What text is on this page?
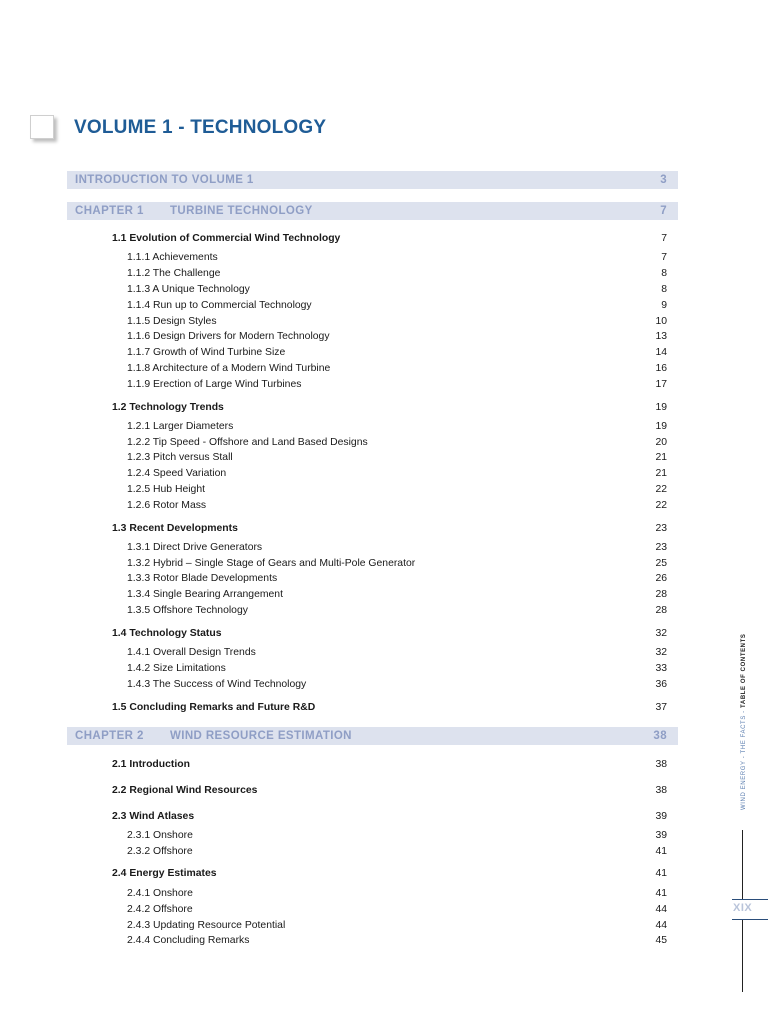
VOLUME 1 - TECHNOLOGY
INTRODUCTION TO VOLUME 1	3
CHAPTER 1 TURBINE TECHNOLOGY	7
1.1 Evolution of Commercial Wind Technology	7
1.1.1 Achievements	7
1.1.2 The Challenge	8
1.1.3 A Unique Technology	8
1.1.4 Run up to Commercial Technology	9
1.1.5 Design Styles	10
1.1.6 Design Drivers for Modern Technology	13
1.1.7 Growth of Wind Turbine Size	14
1.1.8 Architecture of a Modern Wind Turbine	16
1.1.9 Erection of Large Wind Turbines	17
1.2 Technology Trends	19
1.2.1 Larger Diameters	19
1.2.2 Tip Speed - Offshore and Land Based Designs	20
1.2.3 Pitch versus Stall	21
1.2.4 Speed Variation	21
1.2.5 Hub Height	22
1.2.6 Rotor Mass	22
1.3 Recent Developments	23
1.3.1 Direct Drive Generators	23
1.3.2 Hybrid – Single Stage of Gears and Multi-Pole Generator	25
1.3.3 Rotor Blade Developments	26
1.3.4 Single Bearing Arrangement	28
1.3.5 Offshore Technology	28
1.4 Technology Status	32
1.4.1 Overall Design Trends	32
1.4.2 Size Limitations	33
1.4.3 The Success of Wind Technology	36
1.5 Concluding Remarks and Future R&D	37
CHAPTER 2 WIND RESOURCE ESTIMATION	38
2.1 Introduction	38
2.2 Regional Wind Resources	38
2.3 Wind Atlases	39
2.3.1 Onshore	39
2.3.2 Offshore	41
2.4 Energy Estimates	41
2.4.1 Onshore	41
2.4.2 Offshore	44
2.4.3 Updating Resource Potential	44
2.4.4 Concluding Remarks	45
WIND ENERGY - THE FACTS - TABLE OF CONTENTS
XIX
